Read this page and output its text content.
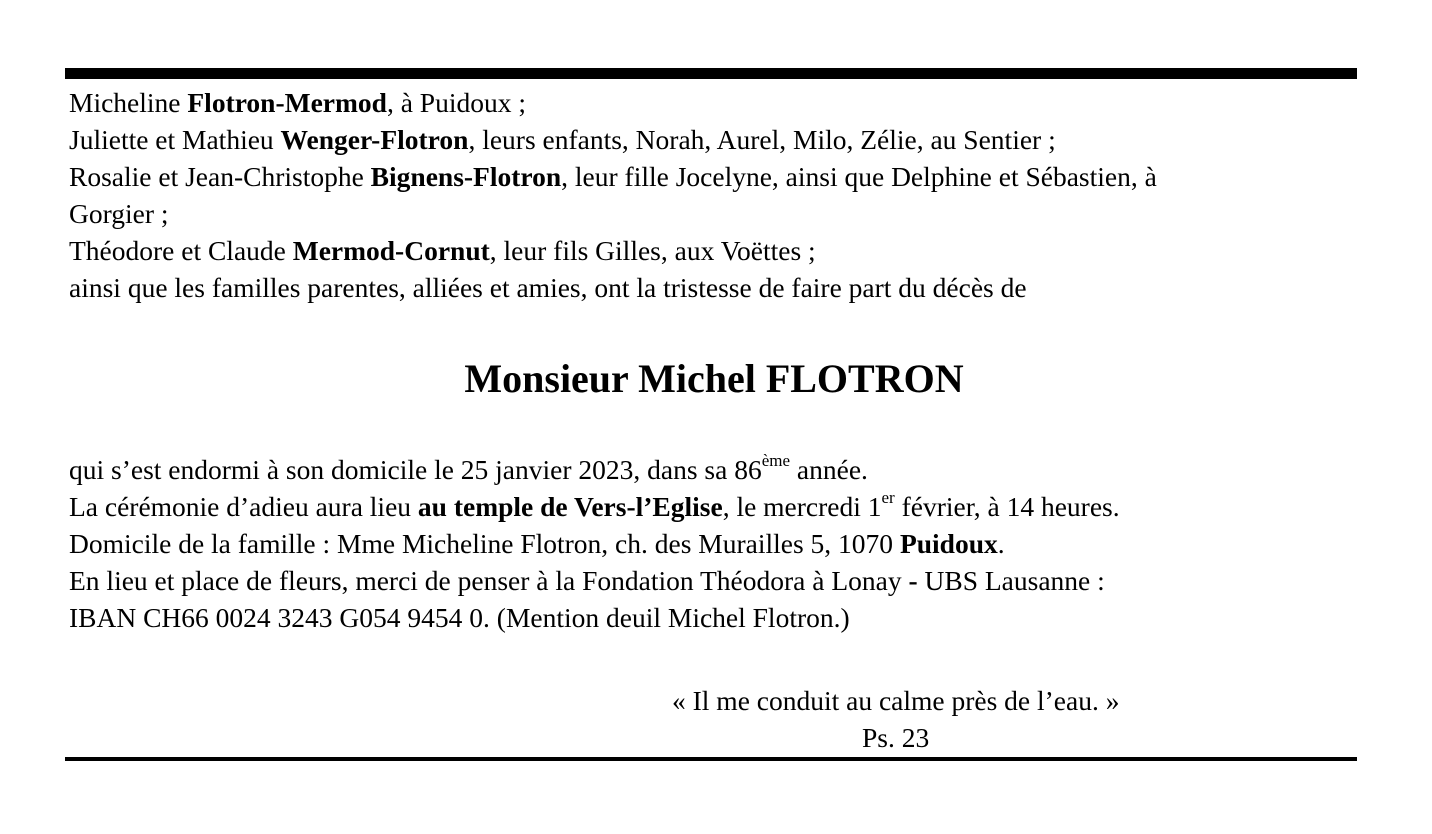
Micheline Flotron-Mermod, à Puidoux ;
Juliette et Mathieu Wenger-Flotron, leurs enfants, Norah, Aurel, Milo, Zélie, au Sentier ;
Rosalie et Jean-Christophe Bignens-Flotron, leur fille Jocelyne, ainsi que Delphine et Sébastien, à
Gorgier ;
Théodore et Claude Mermod-Cornut, leur fils Gilles, aux Voëttes ;
ainsi que les familles parentes, alliées et amies, ont la tristesse de faire part du décès de
Monsieur Michel FLOTRON
qui s’est endormi à son domicile le 25 janvier 2023, dans sa 86ème année.
La cérémonie d’adieu aura lieu au temple de Vers-l’Eglise, le mercredi 1er février, à 14 heures.
Domicile de la famille : Mme Micheline Flotron, ch. des Murailles 5, 1070 Puidoux.
En lieu et place de fleurs, merci de penser à la Fondation Théodora à Lonay - UBS Lausanne :
IBAN CH66 0024 3243 G054 9454 0. (Mention deuil Michel Flotron.)
« Il me conduit au calme près de l’eau. »
Ps. 23
